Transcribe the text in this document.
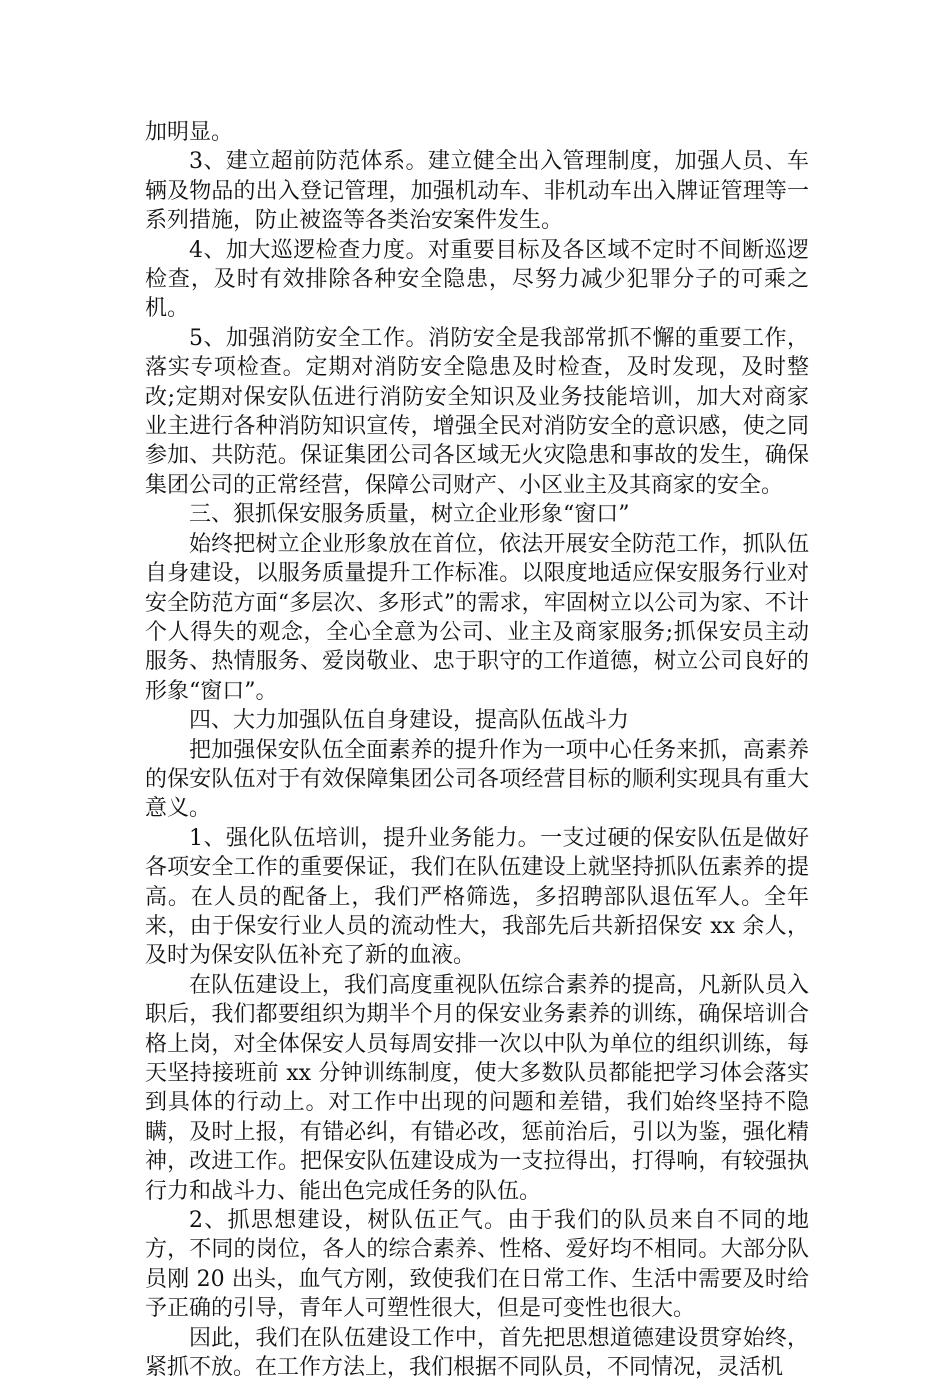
加明显。

3、建立超前防范体系。建立健全出入管理制度，加强人员、车辆及物品的出入登记管理，加强机动车、非机动车出入牌证管理等一系列措施，防止被盗等各类治安案件发生。

4、加大巡逻检查力度。对重要目标及各区域不定时不间断巡逻检查，及时有效排除各种安全隐患，尽努力减少犯罪分子的可乘之机。

5、加强消防安全工作。消防安全是我部常抓不懈的重要工作，落实专项检查。定期对消防安全隐患及时检查，及时发现，及时整改;定期对保安队伍进行消防安全知识及业务技能培训，加大对商家业主进行各种消防知识宣传，增强全民对消防安全的意识感，使之同参加、共防范。保证集团公司各区域无火灾隐患和事故的发生，确保集团公司的正常经营，保障公司财产、小区业主及其商家的安全。

三、狠抓保安服务质量，树立企业形象“窗口”

始终把树立企业形象放在首位，依法开展安全防范工作，抓队伍自身建设，以服务质量提升工作标准。以限度地适应保安服务行业对安全防范方面“多层次、多形式”的需求，牢固树立以公司为家、不计个人得失的观念，全心全意为公司、业主及商家服务;抓保安员主动服务、热情服务、爱岗敬业、忠于职守的工作道德，树立公司良好的形象“窗口”。

四、大力加强队伍自身建设，提高队伍战斗力

把加强保安队伍全面素养的提升作为一项中心任务来抓，高素养的保安队伍对于有效保障集团公司各项经营目标的顺利实现具有重大意义。

1、强化队伍培训，提升业务能力。一支过硬的保安队伍是做好各项安全工作的重要保证，我们在队伍建设上就坚持抓队伍素养的提高。在人员的配备上，我们严格筛选，多招聘部队退伍军人。全年来，由于保安行业人员的流动性大，我部先后共新招保安 xx 余人，及时为保安队伍补充了新的血液。

在队伍建设上，我们高度重视队伍综合素养的提高，凡新队员入职后，我们都要组织为期半个月的保安业务素养的训练，确保培训合格上岗，对全体保安人员每周安排一次以中队为单位的组织训练，每天坚持接班前 xx 分钟训练制度，使大多数队员都能把学习体会落实到具体的行动上。对工作中出现的问题和差错，我们始终坚持不隐瞒，及时上报，有错必纠，有错必改，惩前治后，引以为鉴，强化精神，改进工作。把保安队伍建设成为一支拉得出，打得响，有较强执行力和战斗力、能出色完成任务的队伍。

2、抓思想建设，树队伍正气。由于我们的队员来自不同的地方，不同的岗位，各人的综合素养、性格、爱好均不相同。大部分队员刚 20 出头，血气方刚，致使我们在日常工作、生活中需要及时给予正确的引导，青年人可塑性很大，但是可变性也很大。

因此，我们在队伍建设工作中，首先把思想道德建设贯穿始终，紧抓不放。在工作方法上，我们根据不同队员，不同情况，灵活机
